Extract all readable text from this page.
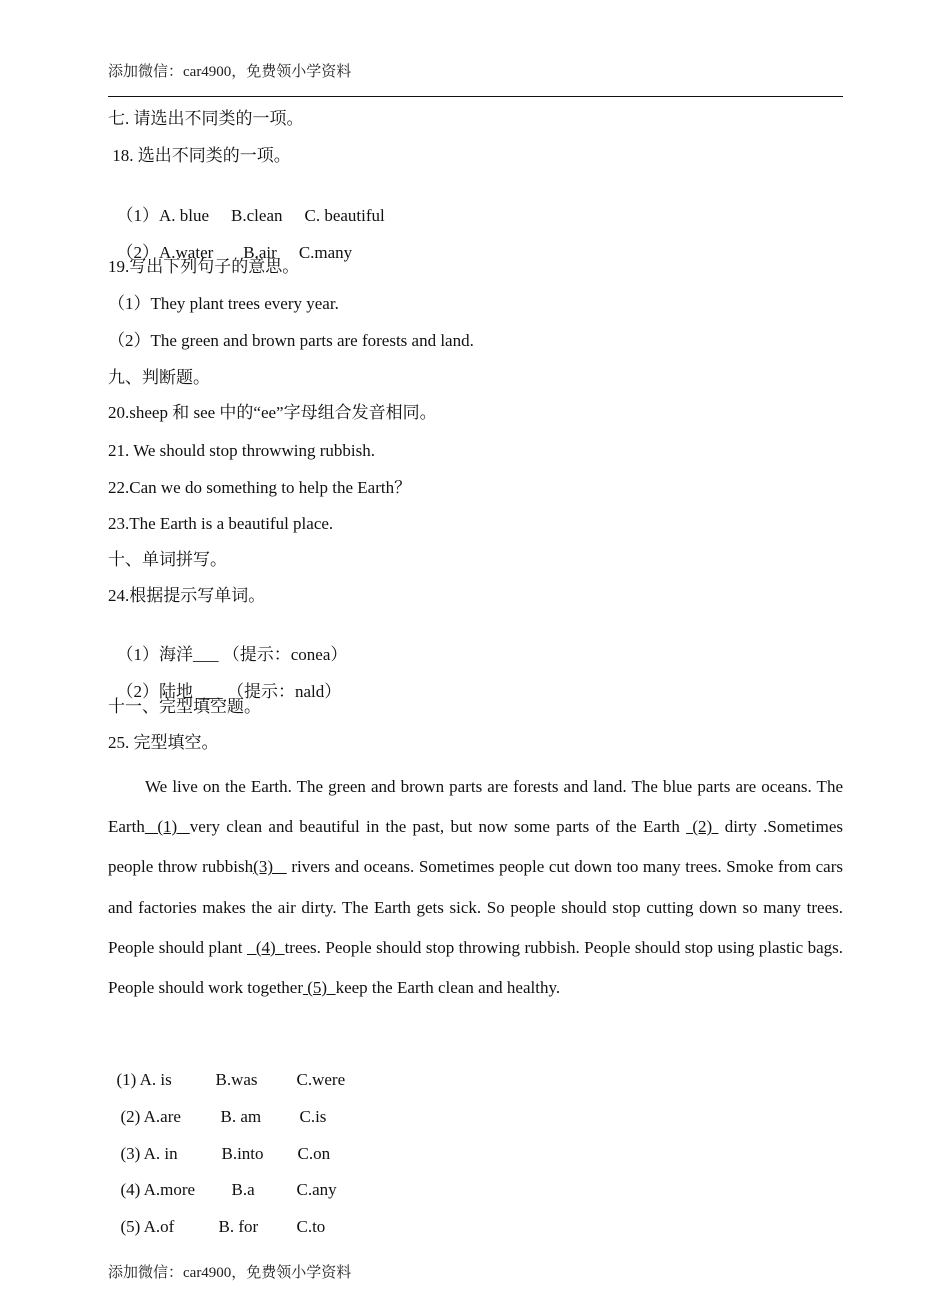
添加微信：car4900，免费领小学资料
七. 请选出不同类的一项。
18. 选出不同类的一项。

（1）A. blue B.clean C. beautiful

（2）A.water B.air C.many

19.写出下列句子的意思。
（1）They plant trees every year.
（2）The green and brown parts are forests and land.
九、判断题。
20.sheep 和 see 中的“ee”字母组合发音相同。
21. We should stop throwwing rubbish.
22.Can we do something to help the Earth？
23.The Earth is a beautiful place.
十、单词拼写。
24.根据提示写单词。

（1）海洋___ （提示：conea）

（2）陆地 ___ （提示：nald）

十一、完型填空题。
25. 完型填空。
We live on the Earth. The green and brown parts are forests and land. The blue parts are oceans. The Earth  (1)  very clean and beautiful in the past, but now some parts of the Earth  (2)  dirty .Sometimes people throw rubbish(3)    rivers and oceans. Sometimes people cut down too many trees. Smoke from cars and factories makes the air dirty. The Earth gets sick. So people should stop cutting down so many trees. People should plant   (4)  trees. People should stop throwing rubbish. People should stop using plastic bags. People should work together (5)  keep the Earth clean and healthy.

(1) A. is	B.was C.were

(2) A.are B. am C.is

(3) A. in	B.into C.on

(4) A.more B.a C.any

(5) A.of	B. for C.to

添加微信：car4900，免费领小学资料
